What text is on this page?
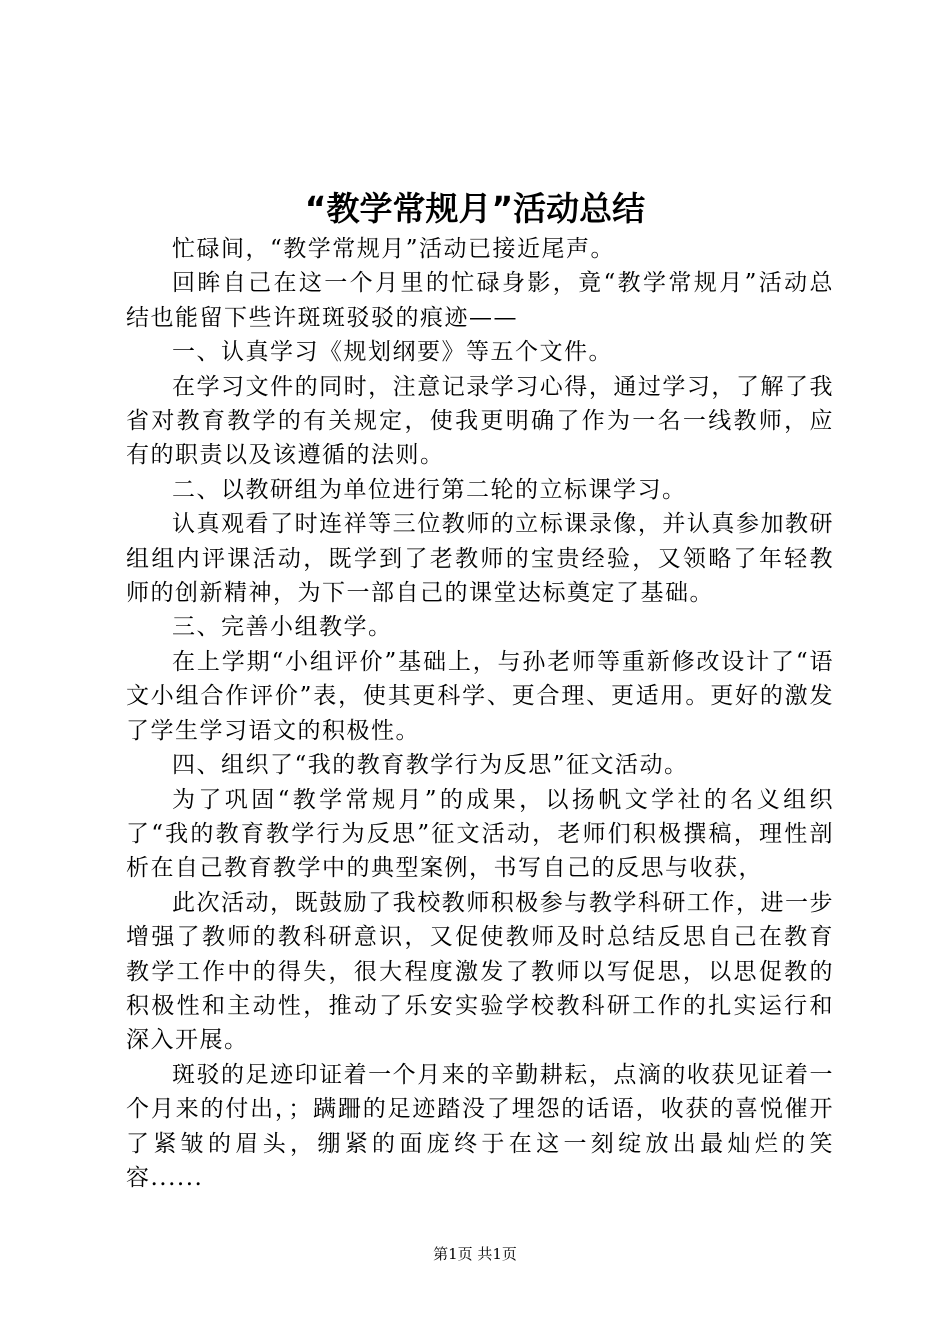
“教学常规月”活动总结

忙碌间，“教学常规月”活动已接近尾声。

回眸自己在这一个月里的忙碌身影，竟“教学常规月”活动总结也能留下些许斑斑驳驳的痕迹——

一、认真学习《规划纲要》等五个文件。

在学习文件的同时，注意记录学习心得，通过学习，了解了我省对教育教学的有关规定，使我更明确了作为一名一线教师，应有的职责以及该遵循的法则。

二、以教研组为单位进行第二轮的立标课学习。

认真观看了时连祥等三位教师的立标课录像，并认真参加教研组组内评课活动，既学到了老教师的宝贵经验，又领略了年轻教师的创新精神，为下一部自己的课堂达标奠定了基础。

三、完善小组教学。

在上学期“小组评价”基础上，与孙老师等重新修改设计了“语文小组合作评价”表，使其更科学、更合理、更适用。更好的激发了学生学习语文的积极性。

四、组织了“我的教育教学行为反思”征文活动。

为了巩固“教学常规月”的成果，以扬帆文学社的名义组织了“我的教育教学行为反思”征文活动，老师们积极撰稿，理性剖析在自己教育教学中的典型案例，书写自己的反思与收获，

此次活动，既鼓励了我校教师积极参与教学科研工作，进一步增强了教师的教科研意识，又促使教师及时总结反思自己在教育教学工作中的得失，很大程度激发了教师以写促思，以思促教的积极性和主动性，推动了乐安实验学校教科研工作的扎实运行和深入开展。

斑驳的足迹印证着一个月来的辛勤耕耘，点滴的收获见证着一个月来的付出，；蹒跚的足迹踏没了埋怨的话语，收获的喜悦催开了紧皱的眉头，绷紧的面庞终于在这一刻绽放出最灿烂的笑容......

第1页 共1页
